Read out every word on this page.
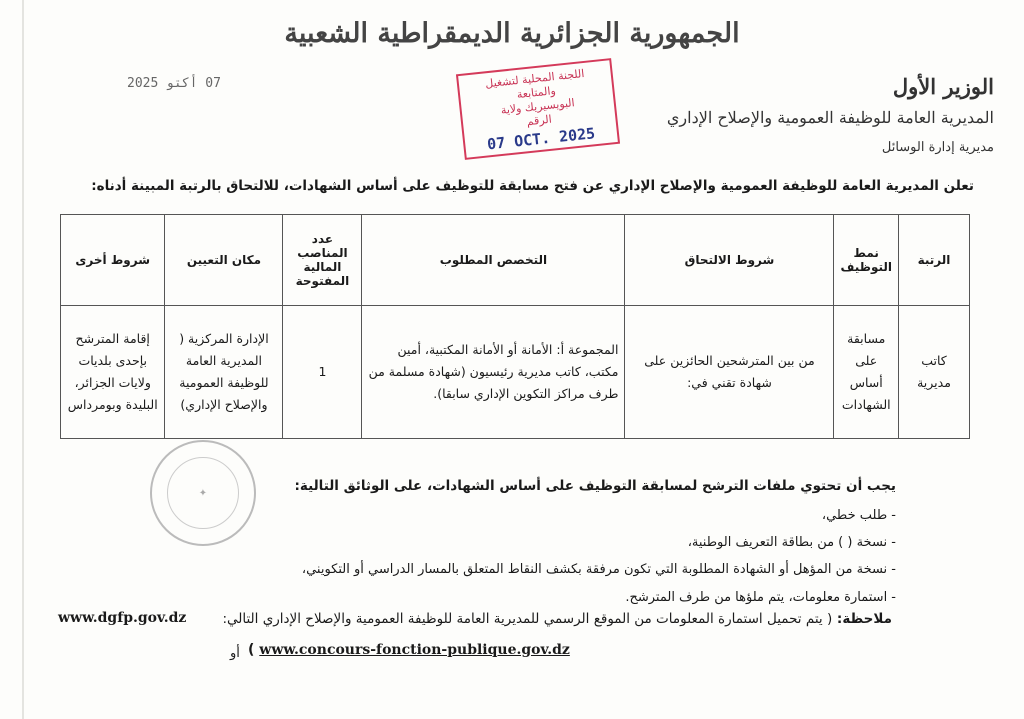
الجمهورية الجزائرية الديمقراطية الشعبية
07 أكتو 2025	اللجنة المحلية لتشغيل والمتابعة
البويسيريك ولاية
الرقم
07 OCT. 2025
الوزير الأول
المديرية العامة للوظيفة العمومية والإصلاح الإداري
مديرية إدارة الوسائل
تعلن المديرية العامة للوظيفة العمومية والإصلاح الإداري عن فتح مسابقة للتوظيف على أساس الشهادات، للالتحاق بالرتبة المبينة أدناه:
الرتبة	نمط التوظيف	شروط الالتحاق	التخصص المطلوب	عدد المناصب المالية المفتوحة	مكان التعيين	شروط أخرى
كاتب مديرية	مسابقة على أساس الشهادات	من بين المترشحين الحائزين على شهادة تقني في:	المجموعة أ: الأمانة أو الأمانة المكتبية، أمين مكتب، كاتب مديرية رئيسيون (شهادة مسلمة من طرف مراكز التكوين الإداري سابقا).	1	الإدارة المركزية ( المديرية العامة للوظيفة العمومية والإصلاح الإداري)	إقامة المترشح بإحدى بلديات ولايات الجزائر، البليدة وبومرداس
✦	يجب أن تحتوي ملفات الترشح لمسابقة التوظيف على أساس الشهادات، على الوثائق التالية:
- طلب خطي،
- نسخة ( ) من بطاقة التعريف الوطنية،
- نسخة من المؤهل أو الشهادة المطلوبة التي تكون مرفقة بكشف النقاط المتعلق بالمسار الدراسي أو التكويني،
- استمارة معلومات، يتم ملؤها من طرف المترشح.
ملاحظة: ( يتم تحميل استمارة المعلومات من الموقع الرسمي للمديرية العامة للوظيفة العمومية والإصلاح الإداري التالي:
www.dgfp.gov.dz
www.concours-fonction-publique.gov.dz )
أو
